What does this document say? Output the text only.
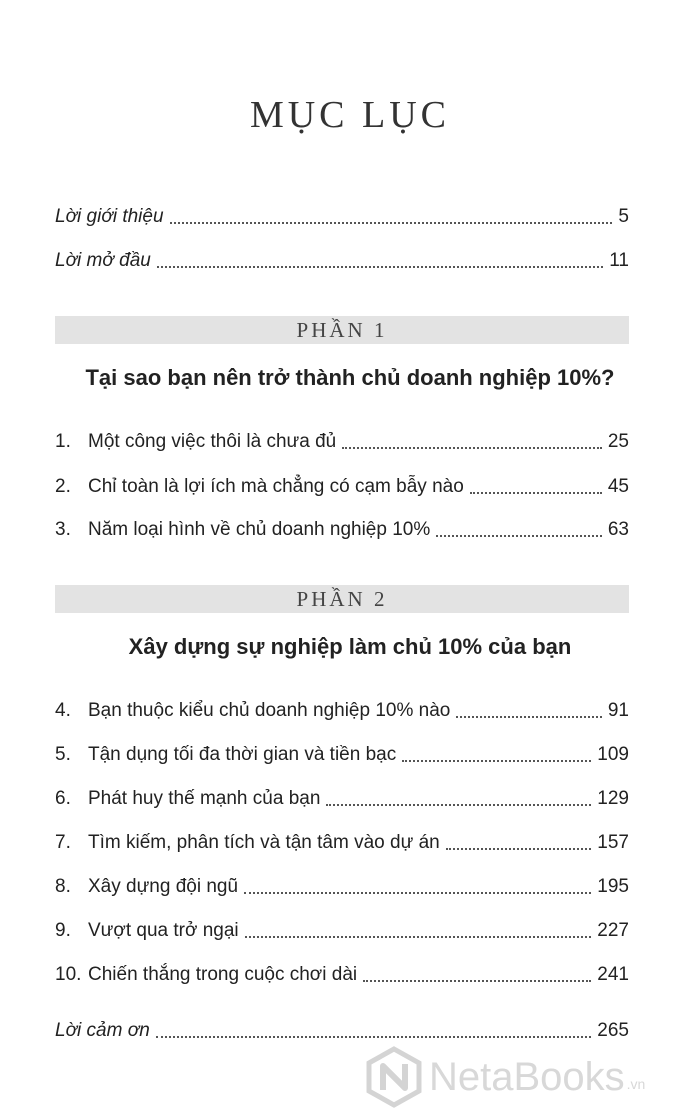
MỤC LỤC
Lời giới thiệu	5
Lời mở đầu	11
PHẦN 1
Tại sao bạn nên trở thành chủ doanh nghiệp 10%?
1. Một công việc thôi là chưa đủ	25
2. Chỉ toàn là lợi ích mà chẳng có cạm bẫy nào	45
3. Năm loại hình về chủ doanh nghiệp 10%	63
PHẦN 2
Xây dựng sự nghiệp làm chủ 10% của bạn
4. Bạn thuộc kiểu chủ doanh nghiệp 10% nào	91
5. Tận dụng tối đa thời gian và tiền bạc	109
6. Phát huy thế mạnh của bạn	129
7. Tìm kiếm, phân tích và tận tâm vào dự án	157
8. Xây dựng đội ngũ	195
9. Vượt qua trở ngại	227
10. Chiến thắng trong cuộc chơi dài	241
Lời cảm ơn	265
NetaBooks .vn
